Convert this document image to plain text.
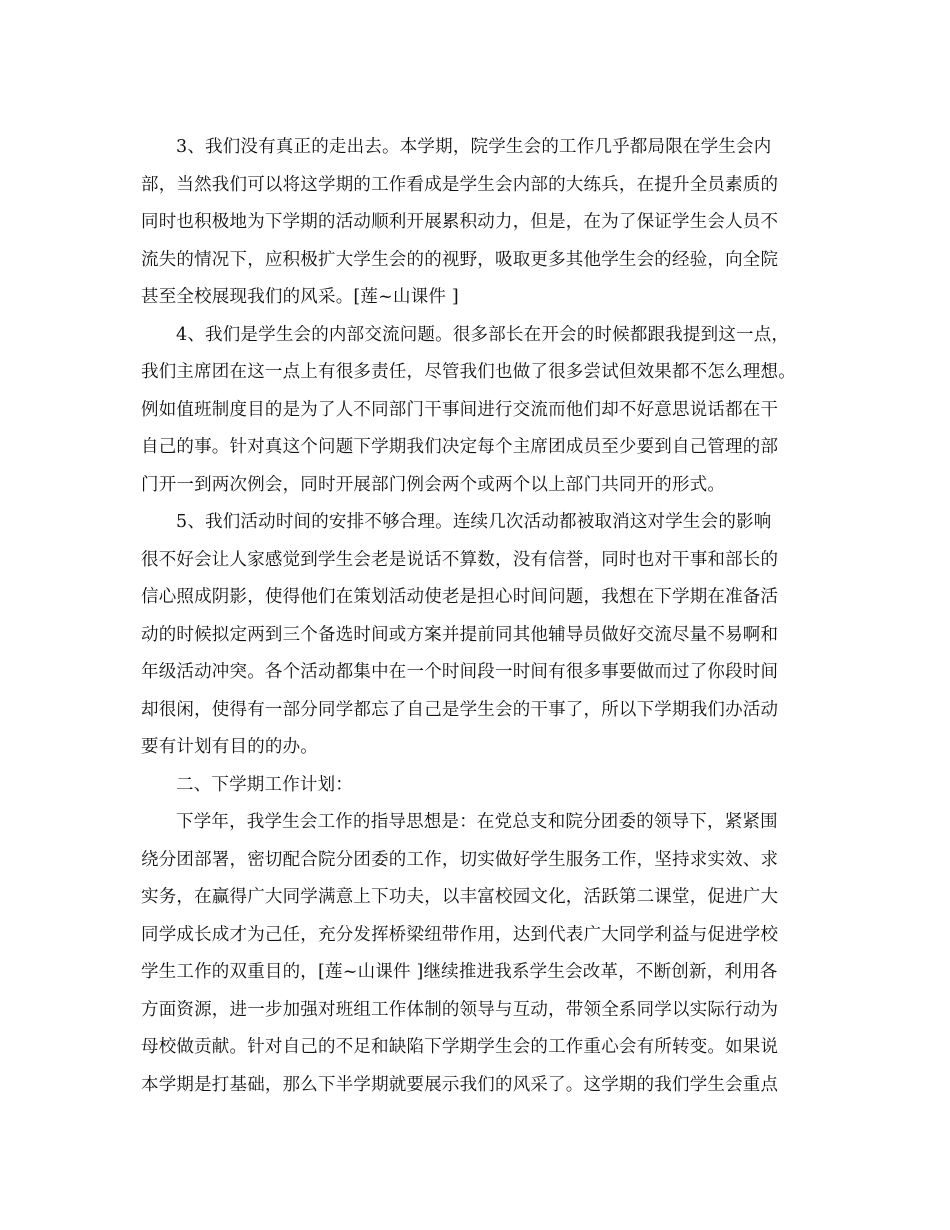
3、我们没有真正的走出去。本学期，院学生会的工作几乎都局限在学生会内
部，当然我们可以将这学期的工作看成是学生会内部的大练兵，在提升全员素质的
同时也积极地为下学期的活动顺利开展累积动力，但是，在为了保证学生会人员不
流失的情况下，应积极扩大学生会的的视野，吸取更多其他学生会的经验，向全院
甚至全校展现我们的风采。[莲~山课件 ]
4、我们是学生会的内部交流问题。很多部长在开会的时候都跟我提到这一点，
我们主席团在这一点上有很多责任，尽管我们也做了很多尝试但效果都不怎么理想。
例如值班制度目的是为了人不同部门干事间进行交流而他们却不好意思说话都在干
自己的事。针对真这个问题下学期我们决定每个主席团成员至少要到自己管理的部
门开一到两次例会，同时开展部门例会两个或两个以上部门共同开的形式。
5、我们活动时间的安排不够合理。连续几次活动都被取消这对学生会的影响
很不好会让人家感觉到学生会老是说话不算数，没有信誉，同时也对干事和部长的
信心照成阴影，使得他们在策划活动使老是担心时间问题，我想在下学期在准备活
动的时候拟定两到三个备选时间或方案并提前同其他辅导员做好交流尽量不易啊和
年级活动冲突。各个活动都集中在一个时间段一时间有很多事要做而过了你段时间
却很闲，使得有一部分同学都忘了自己是学生会的干事了，所以下学期我们办活动
要有计划有目的的办。
二、下学期工作计划：
下学年，我学生会工作的指导思想是：在党总支和院分团委的领导下，紧紧围
绕分团部署，密切配合院分团委的工作，切实做好学生服务工作，坚持求实效、求
实务，在赢得广大同学满意上下功夫，以丰富校园文化，活跃第二课堂，促进广大
同学成长成才为己任，充分发挥桥梁纽带作用，达到代表广大同学利益与促进学校
学生工作的双重目的，[莲~山课件 ]继续推进我系学生会改革，不断创新，利用各
方面资源，进一步加强对班组工作体制的领导与互动，带领全系同学以实际行动为
母校做贡献。针对自己的不足和缺陷下学期学生会的工作重心会有所转变。如果说
本学期是打基础，那么下半学期就要展示我们的风采了。这学期的我们学生会重点
